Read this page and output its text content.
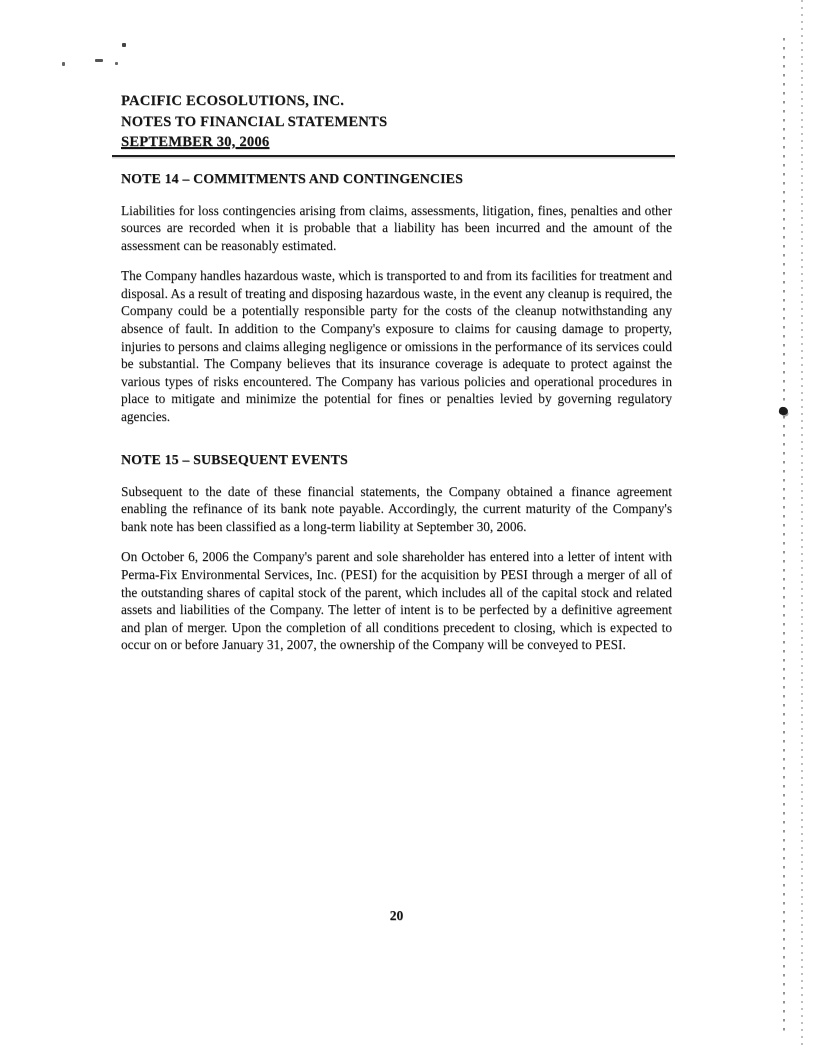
PACIFIC ECOSOLUTIONS, INC.
NOTES TO FINANCIAL STATEMENTS
SEPTEMBER 30, 2006
NOTE 14 – COMMITMENTS AND CONTINGENCIES

Liabilities for loss contingencies arising from claims, assessments, litigation, fines, penalties and other sources are recorded when it is probable that a liability has been incurred and the amount of the assessment can be reasonably estimated.

The Company handles hazardous waste, which is transported to and from its facilities for treatment and disposal. As a result of treating and disposing hazardous waste, in the event any cleanup is required, the Company could be a potentially responsible party for the costs of the cleanup notwithstanding any absence of fault. In addition to the Company's exposure to claims for causing damage to property, injuries to persons and claims alleging negligence or omissions in the performance of its services could be substantial. The Company believes that its insurance coverage is adequate to protect against the various types of risks encountered. The Company has various policies and operational procedures in place to mitigate and minimize the potential for fines or penalties levied by governing regulatory agencies.

NOTE 15 – SUBSEQUENT EVENTS

Subsequent to the date of these financial statements, the Company obtained a finance agreement enabling the refinance of its bank note payable. Accordingly, the current maturity of the Company's bank note has been classified as a long-term liability at September 30, 2006.

On October 6, 2006 the Company's parent and sole shareholder has entered into a letter of intent with Perma-Fix Environmental Services, Inc. (PESI) for the acquisition by PESI through a merger of all of the outstanding shares of capital stock of the parent, which includes all of the capital stock and related assets and liabilities of the Company. The letter of intent is to be perfected by a definitive agreement and plan of merger. Upon the completion of all conditions precedent to closing, which is expected to occur on or before January 31, 2007, the ownership of the Company will be conveyed to PESI.

20
